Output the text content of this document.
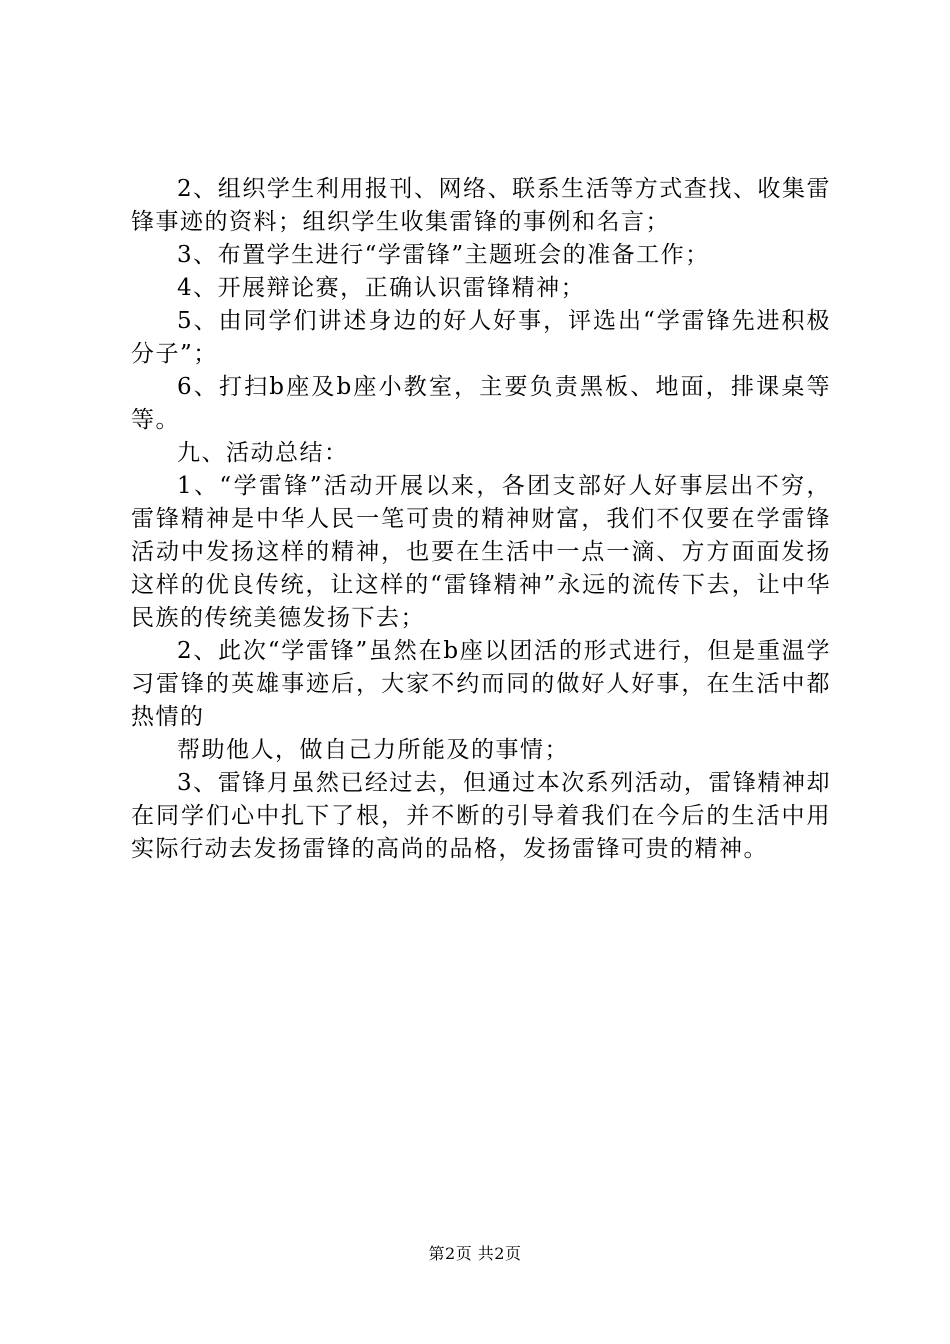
2、组织学生利用报刊、网络、联系生活等方式查找、收集雷锋事迹的资料；组织学生收集雷锋的事例和名言；

3、布置学生进行“学雷锋”主题班会的准备工作；

4、开展辩论赛，正确认识雷锋精神；

5、由同学们讲述身边的好人好事，评选出“学雷锋先进积极分子”；

6、打扫b座及b座小教室，主要负责黑板、地面，排课桌等等。

九、活动总结：

1、“学雷锋”活动开展以来，各团支部好人好事层出不穷，雷锋精神是中华人民一笔可贵的精神财富，我们不仅要在学雷锋活动中发扬这样的精神，也要在生活中一点一滴、方方面面发扬这样的优良传统，让这样的“雷锋精神”永远的流传下去，让中华民族的传统美德发扬下去；

2、此次“学雷锋”虽然在b座以团活的形式进行，但是重温学习雷锋的英雄事迹后，大家不约而同的做好人好事，在生活中都热情的

帮助他人，做自己力所能及的事情；

3、雷锋月虽然已经过去，但通过本次系列活动，雷锋精神却在同学们心中扎下了根，并不断的引导着我们在今后的生活中用实际行动去发扬雷锋的高尚的品格，发扬雷锋可贵的精神。

第2页 共2页
